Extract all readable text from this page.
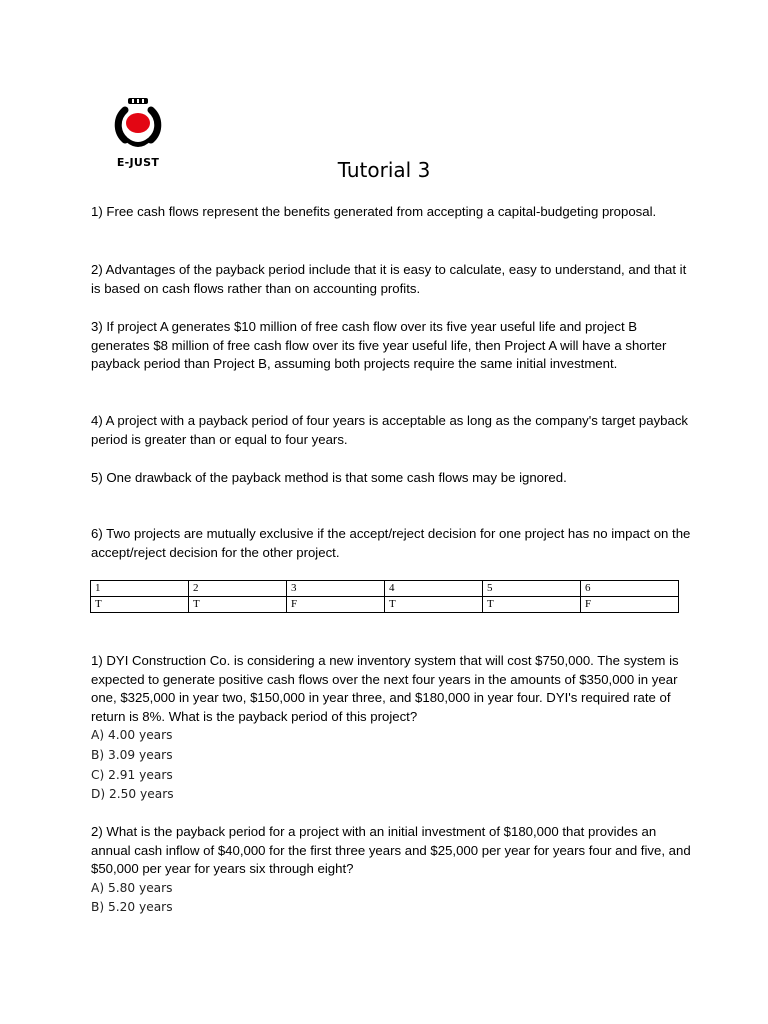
E-JUST	Tutorial 3
1) Free cash flows represent the benefits generated from accepting a capital-budgeting proposal.
2) Advantages of the payback period include that it is easy to calculate, easy to understand, and that it is based on cash flows rather than on accounting profits.
3) If project A generates $10 million of free cash flow over its five year useful life and project B generates $8 million of free cash flow over its five year useful life, then Project A will have a shorter payback period than Project B, assuming both projects require the same initial investment.
4) A project with a payback period of four years is acceptable as long as the company's target payback period is greater than or equal to four years.
5) One drawback of the payback method is that some cash flows may be ignored.
6) Two projects are mutually exclusive if the accept/reject decision for one project has no impact on the accept/reject decision for the other project.
1	2	3	4	5	6
T	T	F	T	T	F
1) DYI Construction Co. is considering a new inventory system that will cost $750,000. The system is expected to generate positive cash flows over the next four years in the amounts of $350,000 in year one, $325,000 in year two, $150,000 in year three, and $180,000 in year four. DYI's required rate of return is 8%. What is the payback period of this project?
A) 4.00 years
B) 3.09 years
C) 2.91 years
D) 2.50 years
2) What is the payback period for a project with an initial investment of $180,000 that provides an annual cash inflow of $40,000 for the first three years and $25,000 per year for years four and five, and $50,000 per year for years six through eight?
A) 5.80 years
B) 5.20 years
